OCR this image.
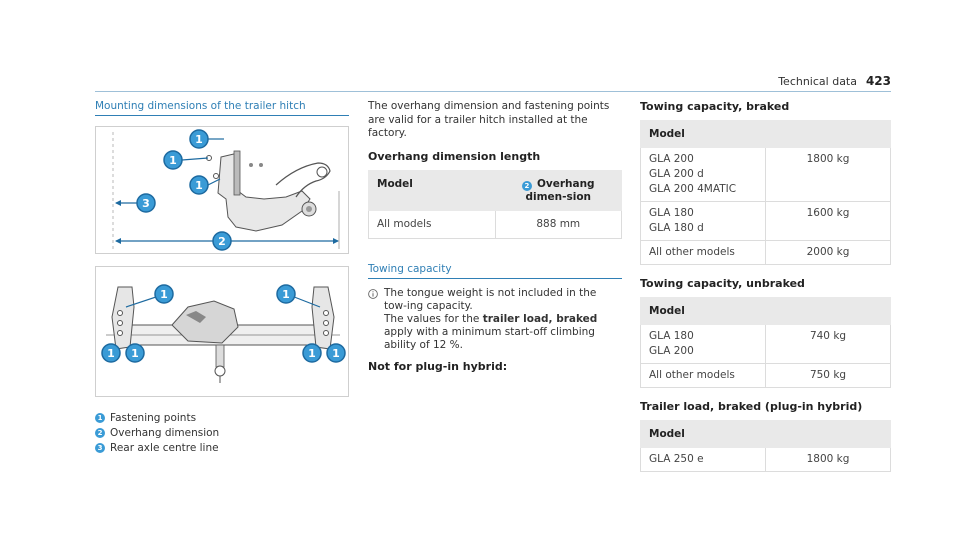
Technical data 423
Mounting dimensions of the trailer hitch
1
1
1
3
2
1	1
1 1	1 1
1 Fastening points
2 Overhang dimension
3 Rear axle centre line

The overhang dimension and fastening points are valid for a trailer hitch installed at the factory.

Overhang dimension length
Model	2 Overhang dimen-sion
All models	888 mm
Towing capacity
The tongue weight is not included in the tow-ing capacity.
The values for the trailer load, braked apply with a minimum start-off climbing ability of 12 %.
Not for plug-in hybrid:
Towing capacity, braked
Model	

GLA 200
GLA 200 d
GLA 200 4MATIC	1800 kg

GLA 180
GLA 180 d	1600 kg

All other models	2000 kg
Towing capacity, unbraked
Model	

GLA 180
GLA 200	740 kg

All other models	750 kg
Trailer load, braked (plug-in hybrid)
Model

GLA 250 e	1800 kg
